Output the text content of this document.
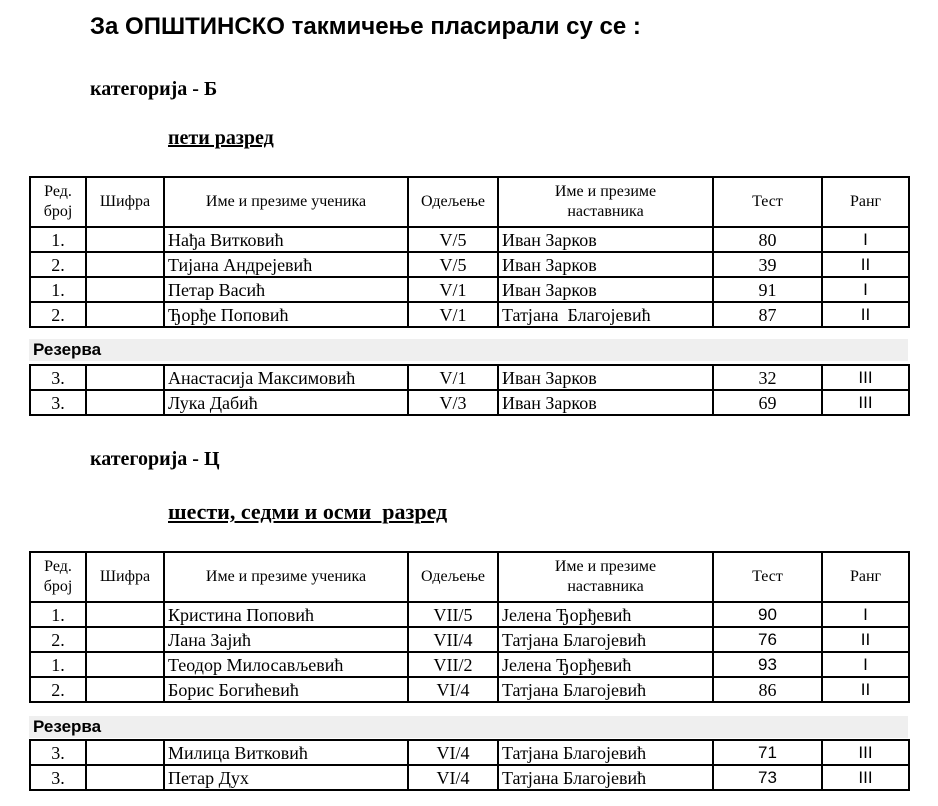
За ОПШТИНСКО такмичење пласирали су се :
категорија - Б
пети разред
Ред.
број	Шифра	Име и презиме ученика	Одељење	Име и презиме
наставника	Тест	Ранг
1.		Нађа Витковић	V/5	Иван Зарков	80	I
2.		Тијана Андрејевић	V/5	Иван Зарков	39	II
1.		Петар Васић	V/1	Иван Зарков	91	I
2.		Ђорђе Поповић	V/1	Татјана  Благојевић	87	II
Резерва
3.		Анастасија Максимовић	V/1	Иван Зарков	32	III
3.		Лука Дабић	V/3	Иван Зарков	69	III
категорија - Ц
шести, седми и осми  разред
Ред.
број	Шифра	Име и презиме ученика	Одељење	Име и презиме
наставника	Тест	Ранг
1.		Кристина Поповић	VII/5	Јелена Ђорђевић	90	I
2.		Лана Зајић	VII/4	Татјана Благојевић	76	II
1.		Теодор Милосављевић	VII/2	Јелена Ђорђевић	93	I
2.		Борис Богићевић	VI/4	Татјана Благојевић	86	II
Резерва
3.		Милица Витковић	VI/4	Татјана Благојевић	71	III
3.		Петар Дух	VI/4	Татјана Благојевић	73	III
